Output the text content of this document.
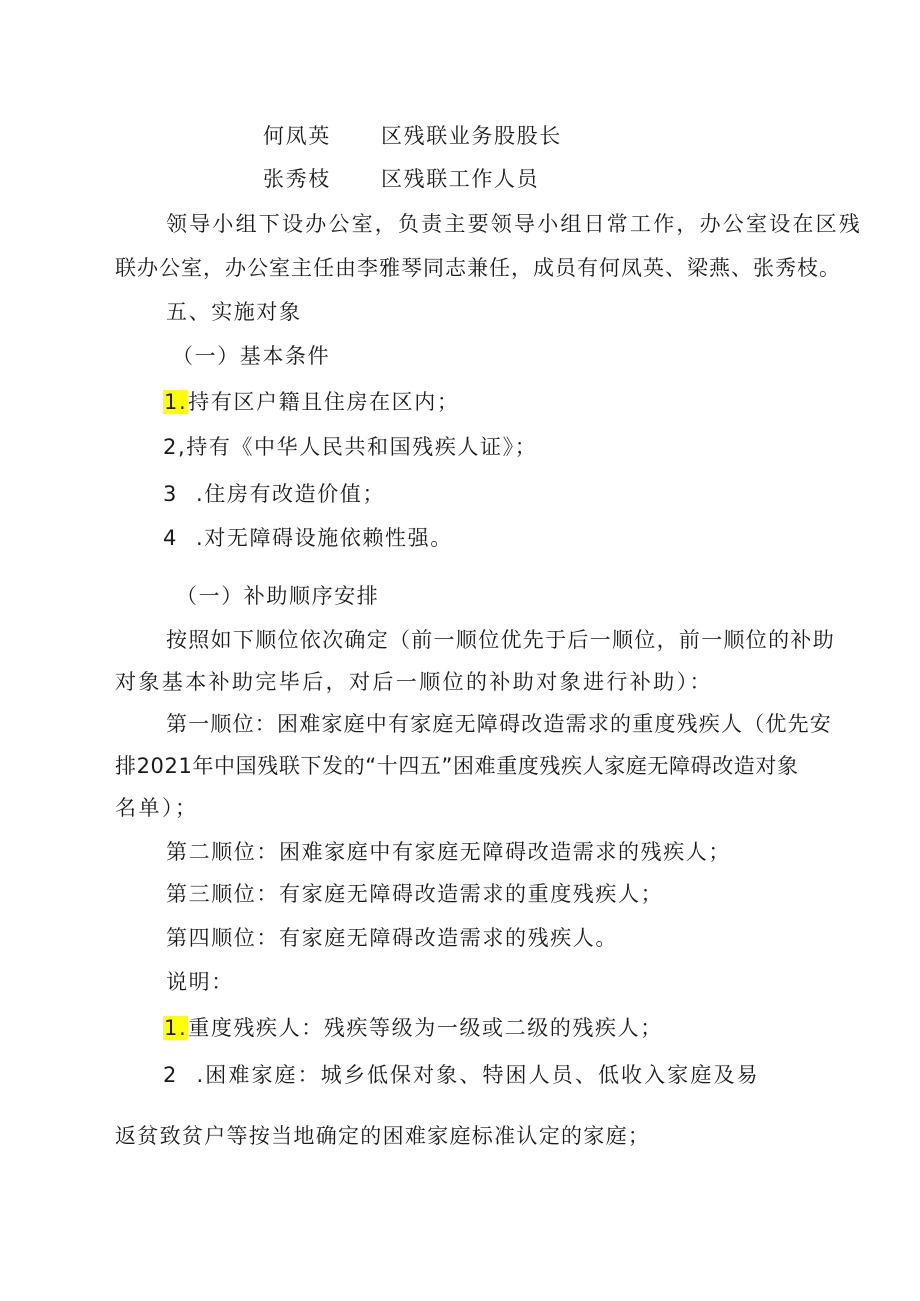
何凤英 区残联业务股股长
张秀枝 区残联工作人员
领导小组下设办公室，负责主要领导小组日常工作，办公室设在区残
联办公室，办公室主任由李雅琴同志兼任，成员有何凤英、梁燕、张秀枝。
五、实施对象
（一）基本条件
1.持有区户籍且住房在区内；
2,持有《中华人民共和国残疾人证》；
3 .住房有改造价值；
4 .对无障碍设施依赖性强。
（一）补助顺序安排
按照如下顺位依次确定（前一顺位优先于后一顺位，前一顺位的补助
对象基本补助完毕后，对后一顺位的补助对象进行补助）：
第一顺位：困难家庭中有家庭无障碍改造需求的重度残疾人（优先安
排2021年中国残联下发的“十四五”困难重度残疾人家庭无障碍改造对象
名单）；
第二顺位：困难家庭中有家庭无障碍改造需求的残疾人；
第三顺位：有家庭无障碍改造需求的重度残疾人；
第四顺位：有家庭无障碍改造需求的残疾人。
说明：
1.重度残疾人：残疾等级为一级或二级的残疾人；
2 .困难家庭：城乡低保对象、特困人员、低收入家庭及易
返贫致贫户等按当地确定的困难家庭标准认定的家庭；
